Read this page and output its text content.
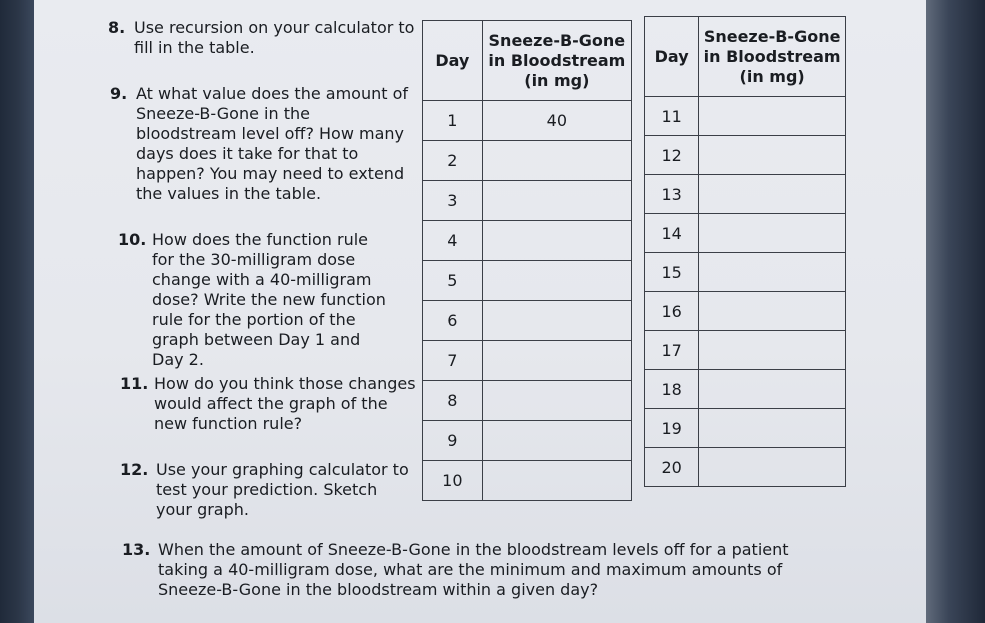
8. Use recursion on your calculator to fill in the table.
9. At what value does the amount of Sneeze-B-Gone in the bloodstream level off? How many days does it take for that to happen? You may need to extend the values in the table.
10. How does the function rule for the 30-milligram dose change with a 40-milligram dose? Write the new function rule for the portion of the graph between Day 1 and Day 2.
11. How do you think those changes would affect the graph of the new function rule?
12. Use your graphing calculator to test your prediction. Sketch your graph.
13. When the amount of Sneeze-B-Gone in the bloodstream levels off for a patient taking a 40-milligram dose, what are the minimum and maximum amounts of Sneeze-B-Gone in the bloodstream within a given day?
Day	Sneeze-B-Gone in Bloodstream (in mg)
1	40
2	
3	
4	
5	
6	
7	
8	
9	
10	
Day	Sneeze-B-Gone in Bloodstream (in mg)
11	
12	
13	
14	
15	
16	
17	
18	
19	
20	
